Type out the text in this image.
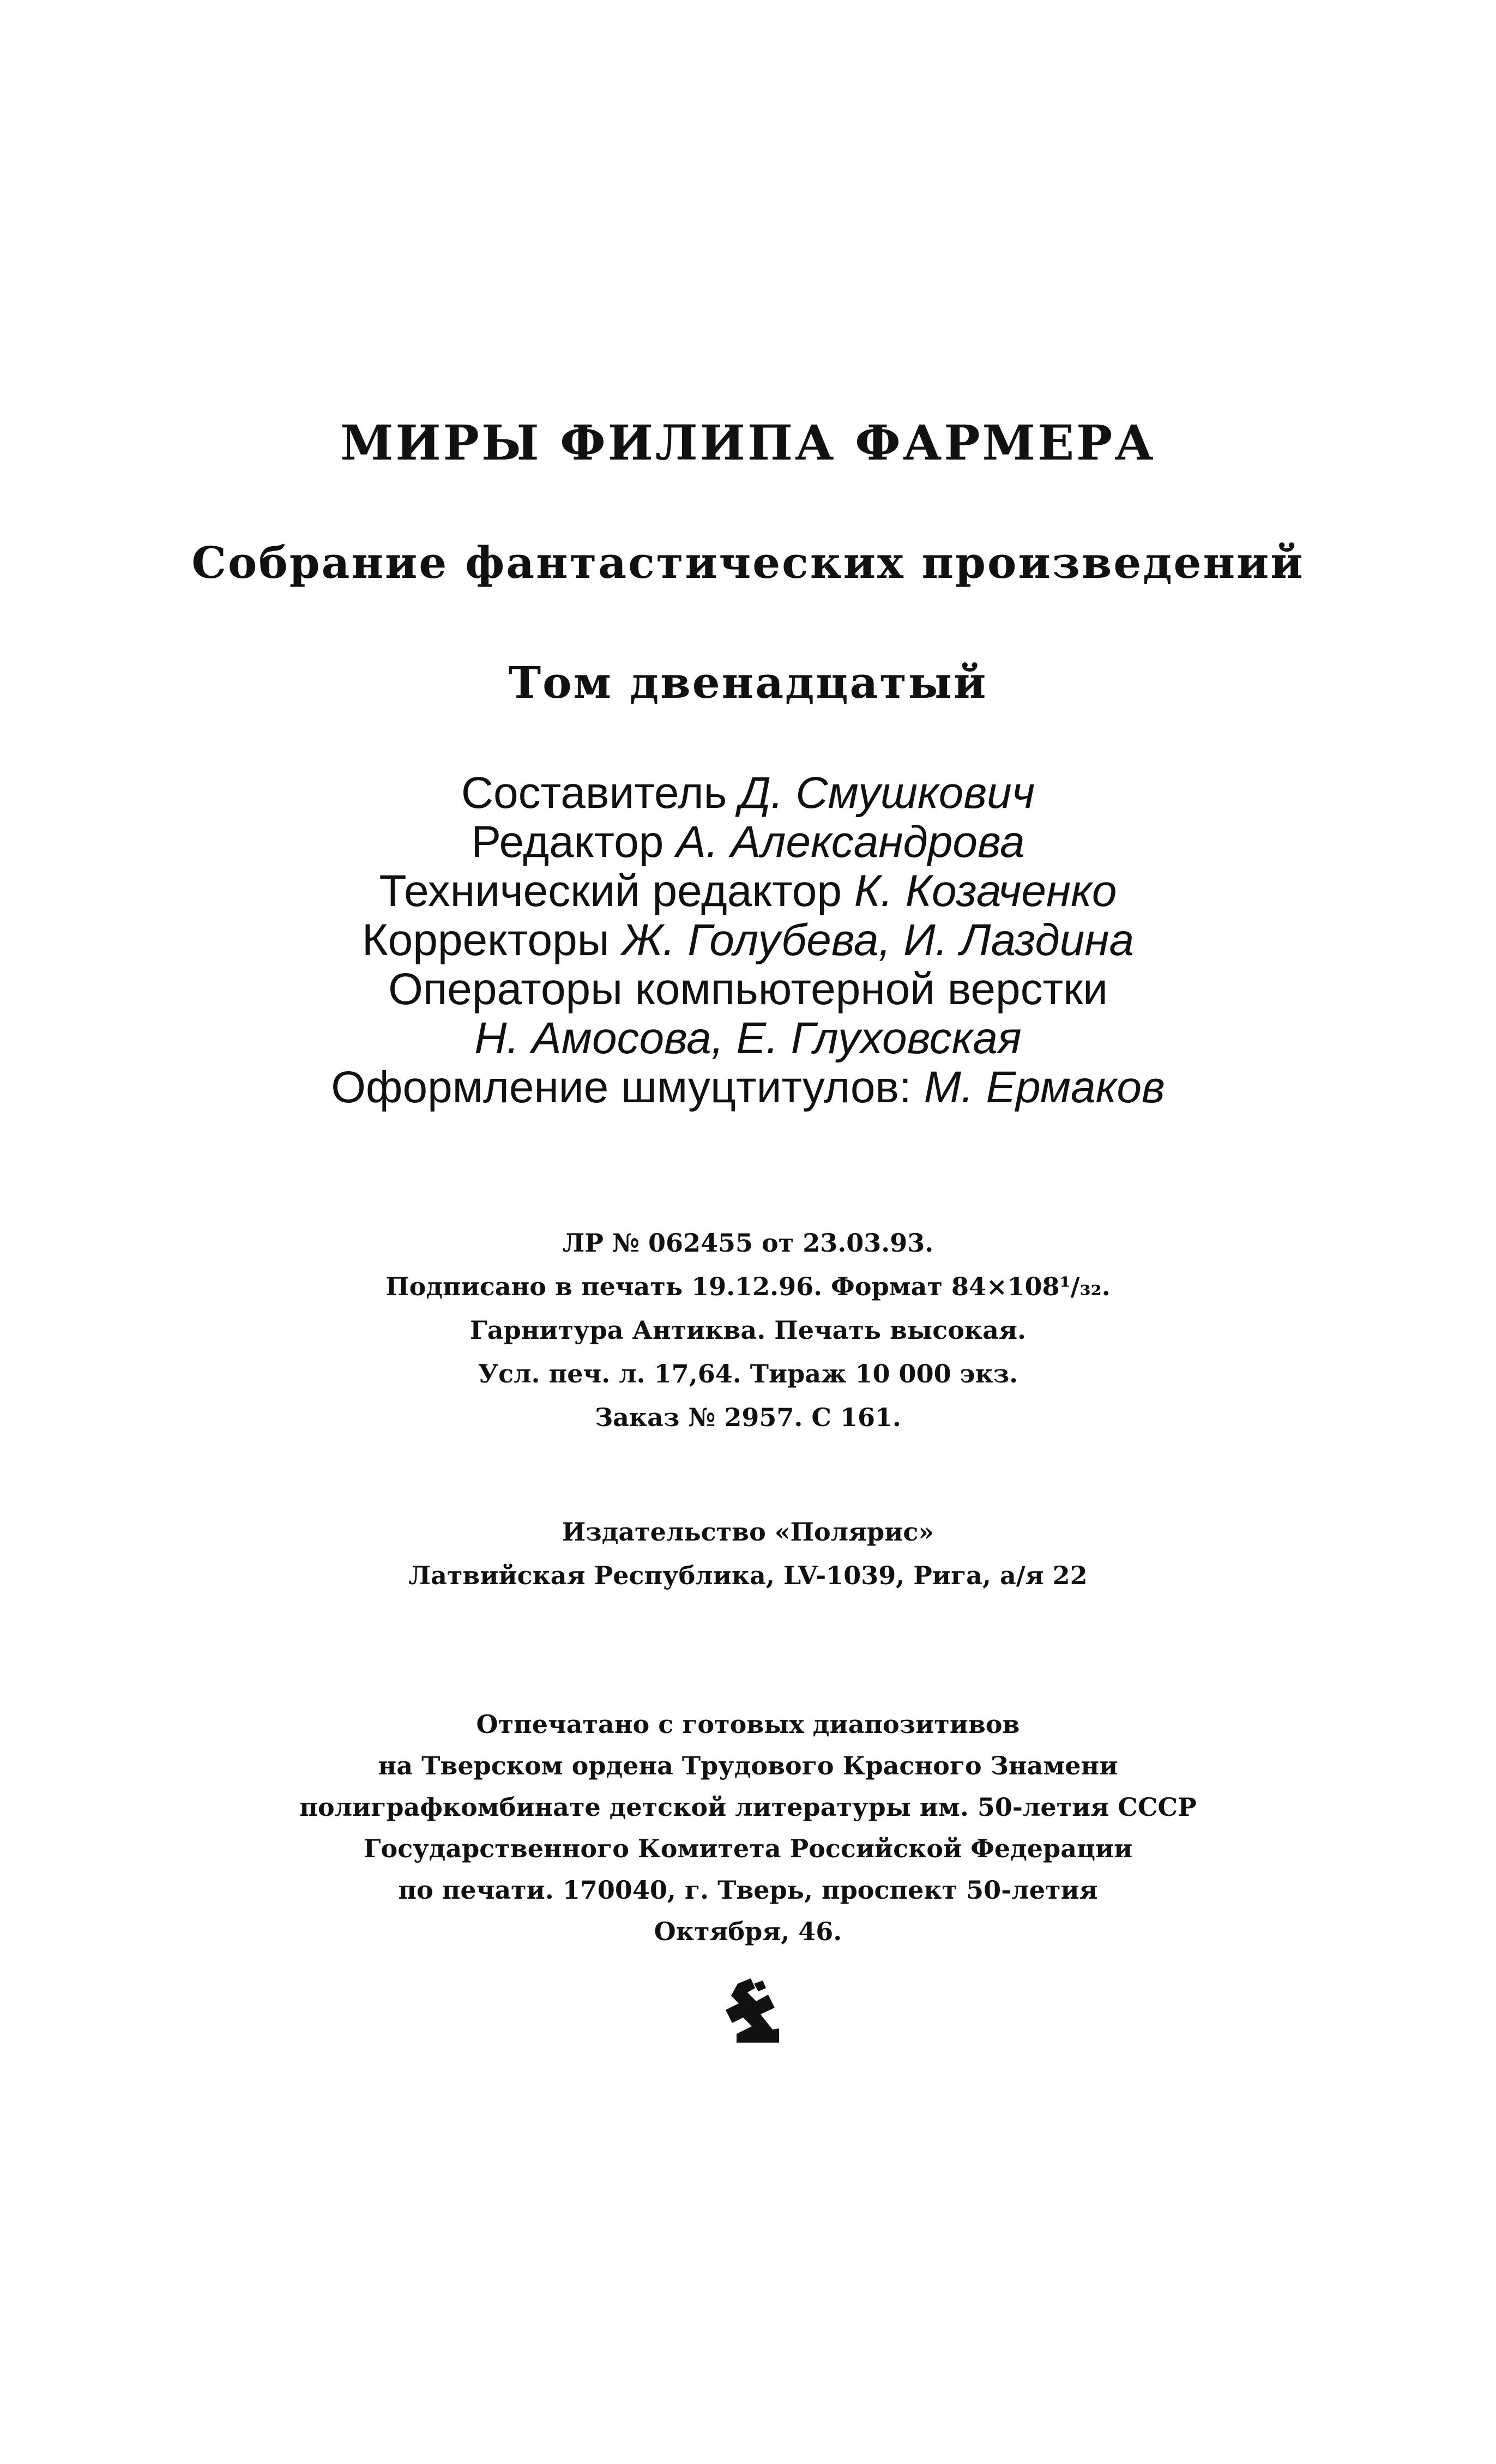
МИРЫ ФИЛИПА ФАРМЕРА
Собрание фантастических произведений
Том двенадцатый
Составитель Д. Смушкович
Редактор А. Александрова
Технический редактор К. Козаченко
Корректоры Ж. Голубева, И. Лаздина
Операторы компьютерной верстки
Н. Амосова, Е. Глуховская
Оформление шмуцтитулов: М. Ермаков
ЛР № 062455 от 23.03.93.
Подписано в печать 19.12.96. Формат 84×108¹/₃₂.
Гарнитура Антиква. Печать высокая.
Усл. печ. л. 17,64. Тираж 10 000 экз.
Заказ № 2957. С 161.
Издательство «Полярис»
Латвийская Республика, LV-1039, Рига, а/я 22
Отпечатано с готовых диапозитивов
на Тверском ордена Трудового Красного Знамени
полиграфкомбинате детской литературы им. 50-летия СССР
Государственного Комитета Российской Федерации
по печати. 170040, г. Тверь, проспект 50-летия
Октября, 46.
